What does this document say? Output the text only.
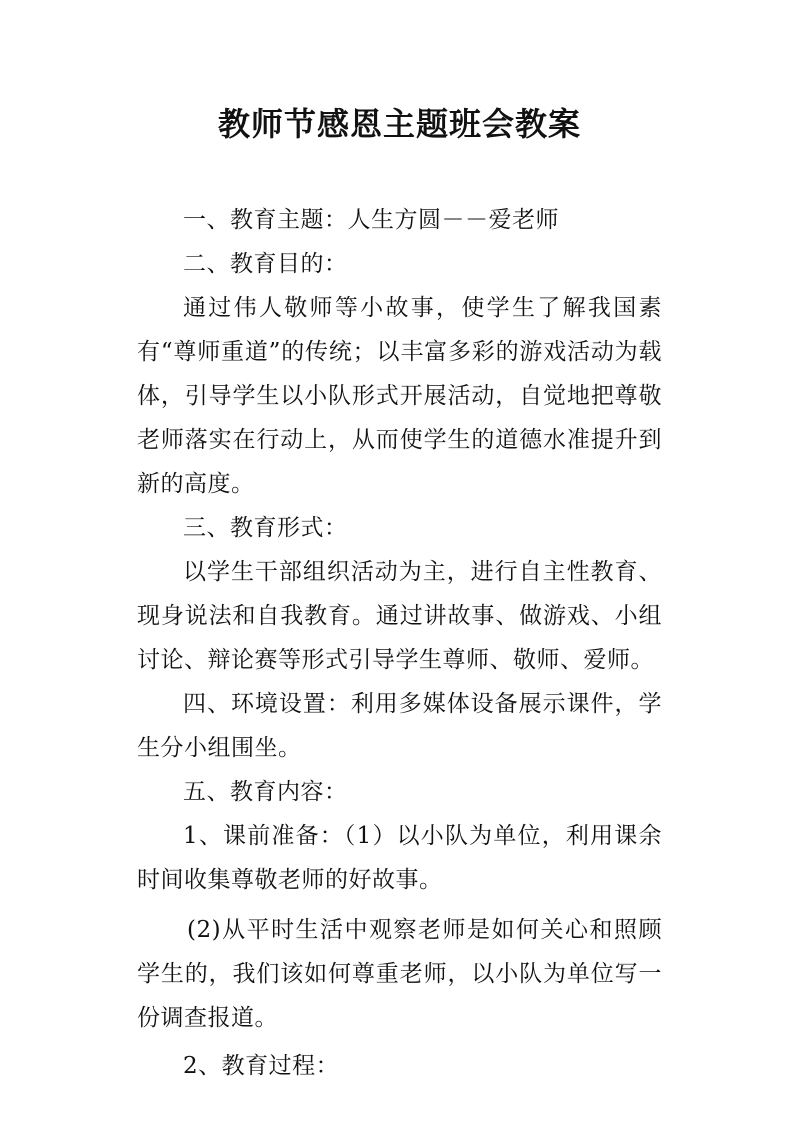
教师节感恩主题班会教案

一、教育主题：人生方圆－－爱老师

二、教育目的：

通过伟人敬师等小故事，使学生了解我国素有“尊师重道”的传统；以丰富多彩的游戏活动为载体，引导学生以小队形式开展活动，自觉地把尊敬老师落实在行动上，从而使学生的道德水准提升到新的高度。

三、教育形式：

以学生干部组织活动为主，进行自主性教育、现身说法和自我教育。通过讲故事、做游戏、小组讨论、辩论赛等形式引导学生尊师、敬师、爱师。

四、环境设置：利用多媒体设备展示课件，学生分小组围坐。

五、教育内容：

1、课前准备：（1）以小队为单位，利用课余时间收集尊敬老师的好故事。

(2)从平时生活中观察老师是如何关心和照顾学生的，我们该如何尊重老师，以小队为单位写一份调查报道。

2、教育过程：
